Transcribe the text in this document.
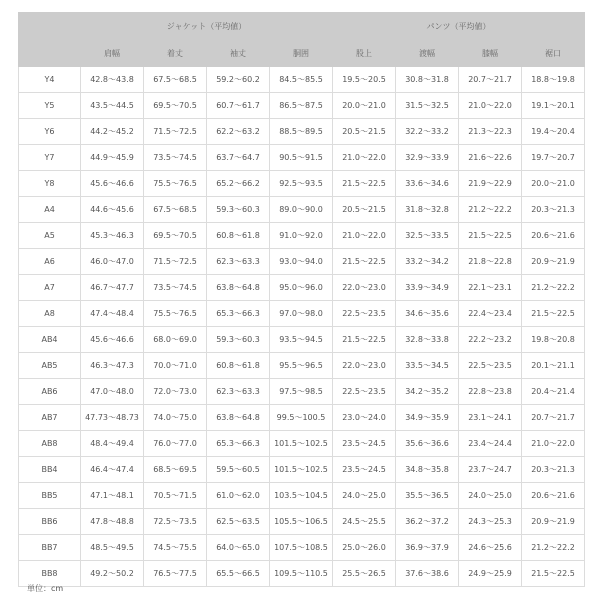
	ジャケット（平均値）				パンツ（平均値）			
	肩幅	着丈	袖丈	胴囲	股上	渡幅	膝幅	裾口
Y4	42.8～43.8	67.5～68.5	59.2～60.2	84.5～85.5	19.5～20.5	30.8～31.8	20.7～21.7	18.8～19.8
Y5	43.5～44.5	69.5～70.5	60.7～61.7	86.5～87.5	20.0～21.0	31.5～32.5	21.0～22.0	19.1～20.1
Y6	44.2～45.2	71.5～72.5	62.2～63.2	88.5～89.5	20.5～21.5	32.2～33.2	21.3～22.3	19.4～20.4
Y7	44.9～45.9	73.5～74.5	63.7～64.7	90.5～91.5	21.0～22.0	32.9～33.9	21.6～22.6	19.7～20.7
Y8	45.6～46.6	75.5～76.5	65.2～66.2	92.5～93.5	21.5～22.5	33.6～34.6	21.9～22.9	20.0～21.0
A4	44.6～45.6	67.5～68.5	59.3～60.3	89.0～90.0	20.5～21.5	31.8～32.8	21.2～22.2	20.3～21.3
A5	45.3～46.3	69.5～70.5	60.8～61.8	91.0～92.0	21.0～22.0	32.5～33.5	21.5～22.5	20.6～21.6
A6	46.0～47.0	71.5～72.5	62.3～63.3	93.0～94.0	21.5～22.5	33.2～34.2	21.8～22.8	20.9～21.9
A7	46.7～47.7	73.5～74.5	63.8～64.8	95.0～96.0	22.0～23.0	33.9～34.9	22.1～23.1	21.2～22.2
A8	47.4～48.4	75.5～76.5	65.3～66.3	97.0～98.0	22.5～23.5	34.6～35.6	22.4～23.4	21.5～22.5
AB4	45.6～46.6	68.0～69.0	59.3～60.3	93.5～94.5	21.5～22.5	32.8～33.8	22.2～23.2	19.8～20.8
AB5	46.3～47.3	70.0～71.0	60.8～61.8	95.5～96.5	22.0～23.0	33.5～34.5	22.5～23.5	20.1～21.1
AB6	47.0～48.0	72.0～73.0	62.3～63.3	97.5～98.5	22.5～23.5	34.2～35.2	22.8～23.8	20.4～21.4
AB7	47.73～48.73	74.0～75.0	63.8～64.8	99.5～100.5	23.0～24.0	34.9～35.9	23.1～24.1	20.7～21.7
AB8	48.4～49.4	76.0～77.0	65.3～66.3	101.5～102.5	23.5～24.5	35.6～36.6	23.4～24.4	21.0～22.0
BB4	46.4～47.4	68.5～69.5	59.5～60.5	101.5～102.5	23.5～24.5	34.8～35.8	23.7～24.7	20.3～21.3
BB5	47.1～48.1	70.5～71.5	61.0～62.0	103.5～104.5	24.0～25.0	35.5～36.5	24.0～25.0	20.6～21.6
BB6	47.8～48.8	72.5～73.5	62.5～63.5	105.5～106.5	24.5～25.5	36.2～37.2	24.3～25.3	20.9～21.9
BB7	48.5～49.5	74.5～75.5	64.0～65.0	107.5～108.5	25.0～26.0	36.9～37.9	24.6～25.6	21.2～22.2
BB8	49.2～50.2	76.5～77.5	65.5～66.5	109.5～110.5	25.5～26.5	37.6～38.6	24.9～25.9	21.5～22.5
単位：cm
